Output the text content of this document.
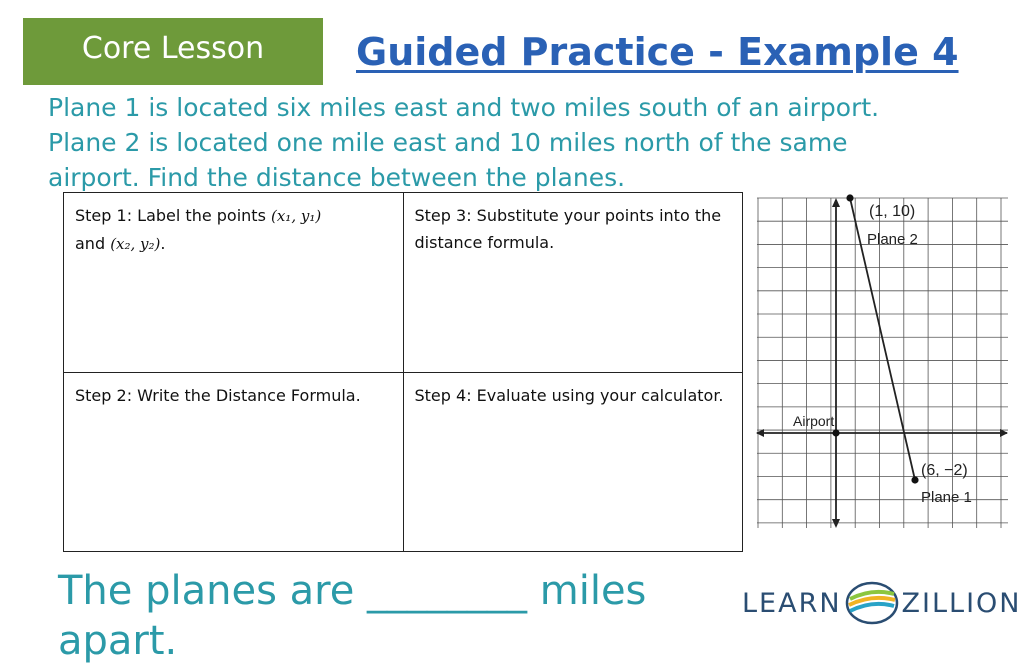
Core Lesson Guided Practice - Example 4
Plane 1 is located six miles east and two miles south of an airport.
Plane 2 is located one mile east and 10 miles north of the same
airport. Find the distance between the planes.
Step 1: Label the points (x₁, y₁)
and (x₂, y₂).	Step 3: Substitute your points into the distance formula.
Step 2: Write the Distance Formula.	Step 4: Evaluate using your calculator.
(1, 10)
Plane 2
Airport
(6, −2)
Plane 1
The planes are ________ miles apart.
LEARN ZILLION
